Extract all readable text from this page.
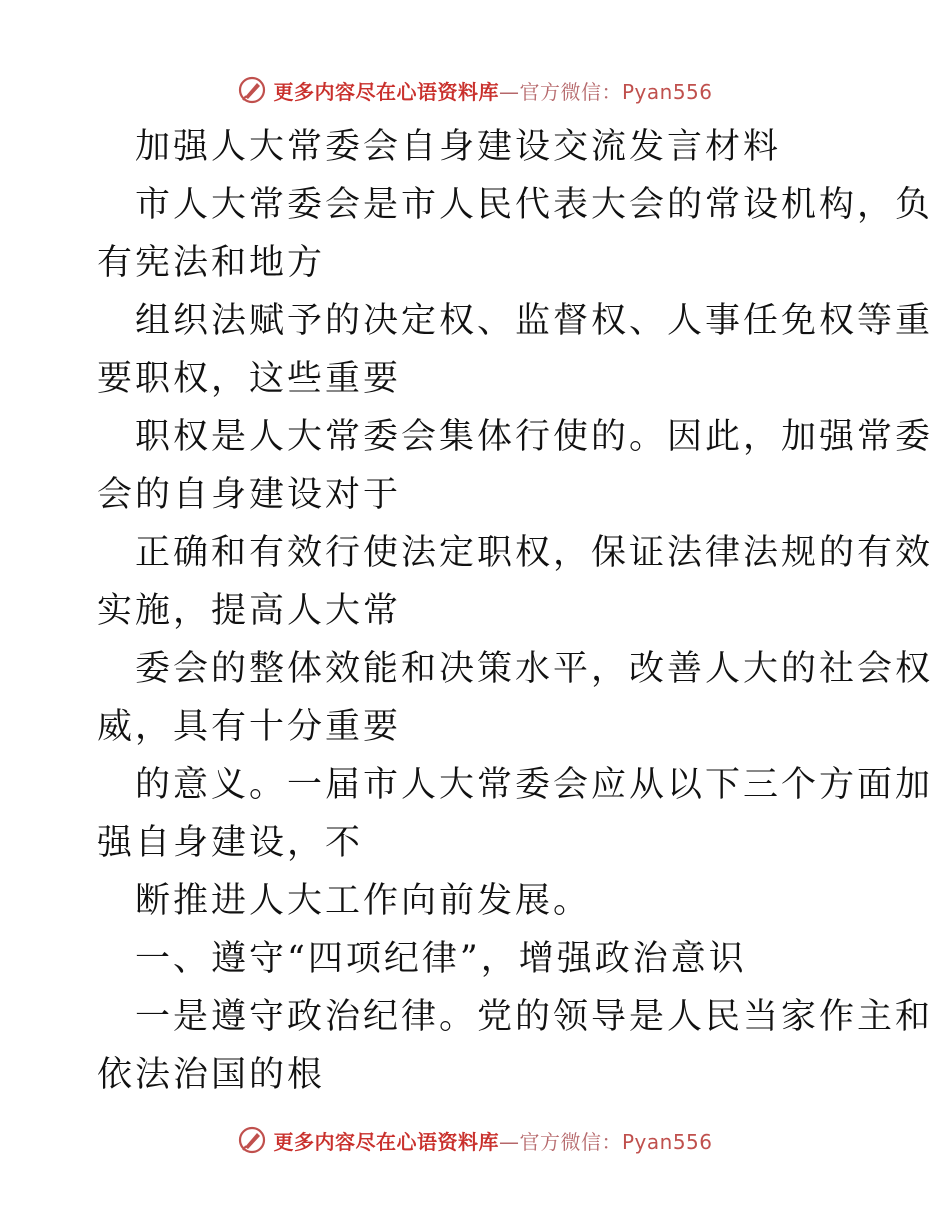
更多内容尽在心语资料库—官方微信：Pyan556
加强人大常委会自身建设交流发言材料
市人大常委会是市人民代表大会的常设机构，负
有宪法和地方
组织法赋予的决定权、监督权、人事任免权等重
要职权，这些重要
职权是人大常委会集体行使的。因此，加强常委
会的自身建设对于
正确和有效行使法定职权，保证法律法规的有效
实施，提高人大常
委会的整体效能和决策水平，改善人大的社会权
威，具有十分重要
的意义。一届市人大常委会应从以下三个方面加
强自身建设，不
断推进人大工作向前发展。
一、遵守“四项纪律”，增强政治意识
一是遵守政治纪律。党的领导是人民当家作主和
依法治国的根
更多内容尽在心语资料库—官方微信：Pyan556
